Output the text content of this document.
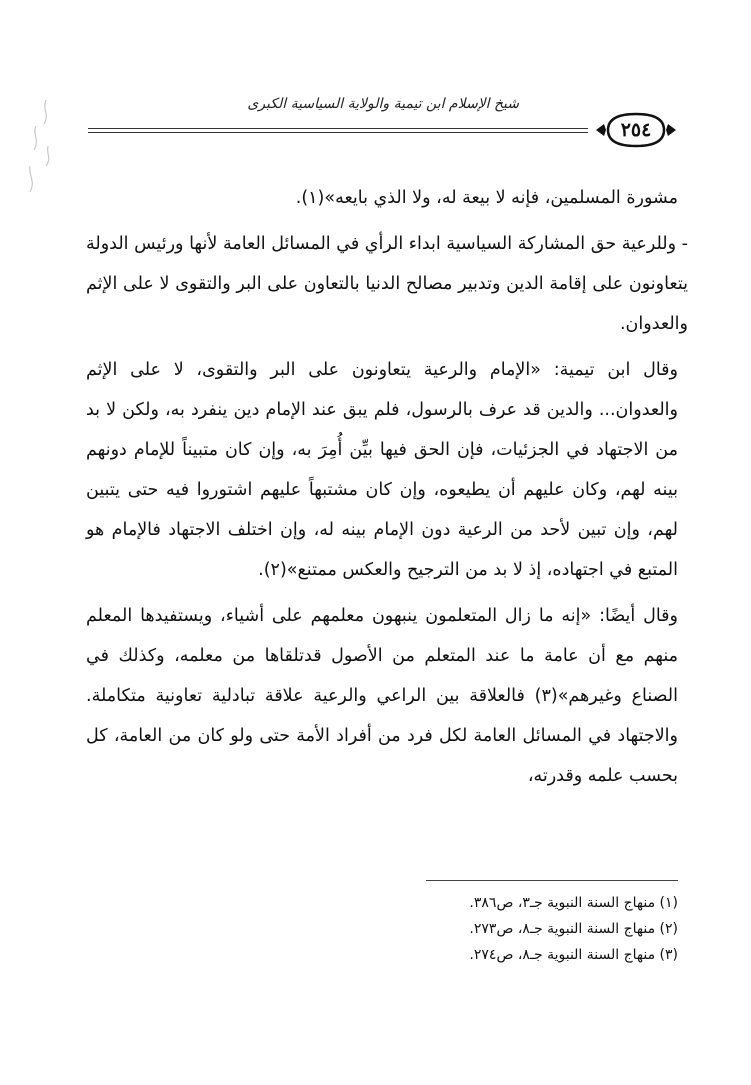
شيخ الإسلام ابن تيمية والولاية السياسية الكبرى
٢٥٤

مشورة المسلمين، فإنه لا بيعة له، ولا الذي بايعه»(١).

- وللرعية حق المشاركة السياسية ابداء الرأي في المسائل العامة لأنها ورئيس الدولة يتعاونون على إقامة الدين وتدبير مصالح الدنيا بالتعاون على البر والتقوى لا على الإثم والعدوان.

وقال ابن تيمية: «الإمام والرعية يتعاونون على البر والتقوى، لا على الإثم والعدوان... والدين قد عرف بالرسول، فلم يبق عند الإمام دين ينفرد به، ولكن لا بد من الاجتهاد في الجزئيات، فإن الحق فيها بيِّن أُمِرَ به، وإن كان متبيناً للإمام دونهم بينه لهم، وكان عليهم أن يطيعوه، وإن كان مشتبهاً عليهم اشتوروا فيه حتى يتبين لهم، وإن تبين لأحد من الرعية دون الإمام بينه له، وإن اختلف الاجتهاد فالإمام هو المتبع في اجتهاده، إذ لا بد من الترجيح والعكس ممتنع»(٢).

وقال أيضًا: «إنه ما زال المتعلمون ينبهون معلمهم على أشياء، ويستفيدها المعلم منهم مع أن عامة ما عند المتعلم من الأصول قدتلقاها من معلمه، وكذلك في الصناع وغيرهم»(٣) فالعلاقة بين الراعي والرعية علاقة تبادلية تعاونية متكاملة. والاجتهاد في المسائل العامة لكل فرد من أفراد الأمة حتى ولو كان من العامة، كل بحسب علمه وقدرته،

(١) منهاج السنة النبوية جـ٣، ص٣٨٦.
(٢) منهاج السنة النبوية جـ٨، ص٢٧٣.
(٣) منهاج السنة النبوية جـ٨، ص٢٧٤.
